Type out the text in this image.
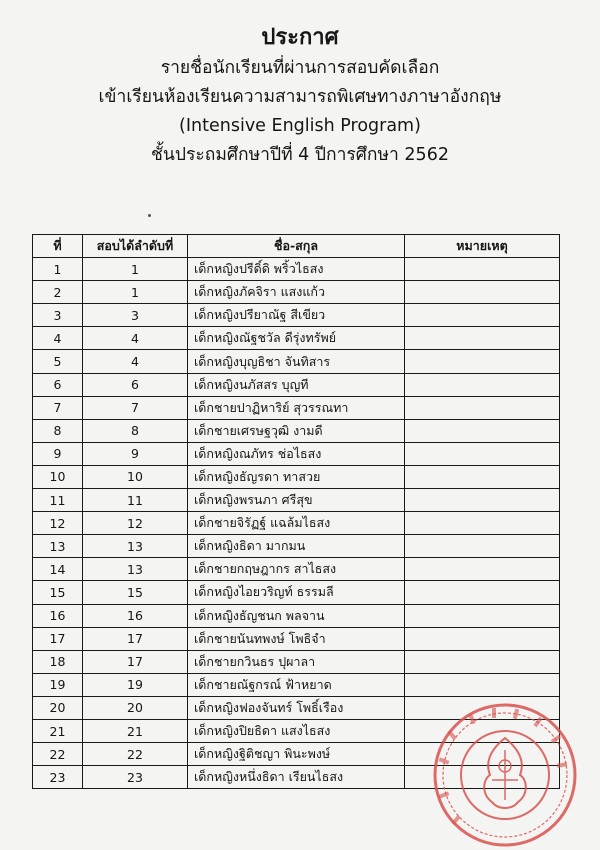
ประกาศ

รายชื่อนักเรียนที่ผ่านการสอบคัดเลือก

เข้าเรียนห้องเรียนความสามารถพิเศษทางภาษาอังกฤษ

(Intensive English Program)

ชั้นประถมศึกษาปีที่ 4 ปีการศึกษา 2562

ที่	สอบได้ลำดับที่	ชื่อ-สกุล	หมายเหตุ
1	1	เด็กหญิงปรีดิ์ดิ พริ้วไธสง	
2	1	เด็กหญิงภัคจิรา แสงแก้ว	
3	3	เด็กหญิงปรียาณัฐ สีเขียว	
4	4	เด็กหญิงณัฐชวัล ดีรุ่งทรัพย์	
5	4	เด็กหญิงบุญธิชา จันทิสาร	
6	6	เด็กหญิงนภัสสร บุญที	
7	7	เด็กชายปาฏิหาริย์ สุวรรณทา	
8	8	เด็กชายเศรษฐวุฒิ งามดี	
9	9	เด็กหญิงณภัทร ช่อไธสง	
10	10	เด็กหญิงธัญรดา ทาสวย	
11	11	เด็กหญิงพรนภา ศรีสุข	
12	12	เด็กชายจิรัฏฐ์ แฉล้มไธสง	
13	13	เด็กหญิงธิดา มากมน	
14	13	เด็กชายกฤษฎากร สาไธสง	
15	15	เด็กหญิงไอยวริญท์ ธรรมลี	
16	16	เด็กหญิงธัญชนก พลจาน	
17	17	เด็กชายนันทพงษ์ โพธิจำ	
18	17	เด็กชายกวินธร ปุผาลา	
19	19	เด็กชายณัฐกรณ์ ฟ้าหยาด	
20	20	เด็กหญิงฟองจันทร์ โพธิ์เรือง	
21	21	เด็กหญิงปิยธิดา แสงไธสง	
22	22	เด็กหญิงฐิติชญา พินะพงษ์	
23	23	เด็กหญิงหนึ่งธิดา เรียนไธสง	
